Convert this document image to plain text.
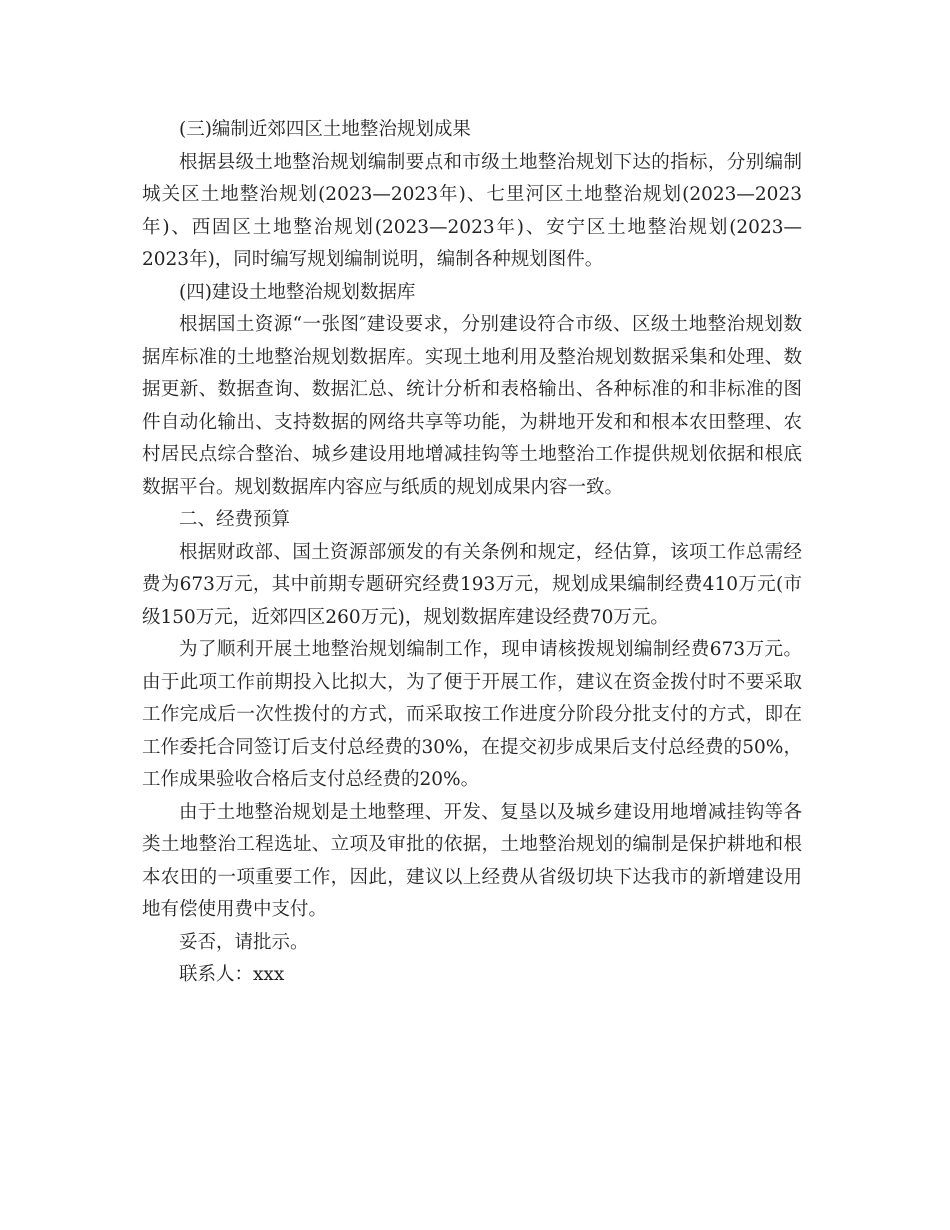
(三)编制近郊四区土地整治规划成果

根据县级土地整治规划编制要点和市级土地整治规划下达的指标，分别编制城关区土地整治规划(2023—2023年)、七里河区土地整治规划(2023—2023年)、西固区土地整治规划(2023—2023年)、安宁区土地整治规划(2023—2023年)，同时编写规划编制说明，编制各种规划图件。

(四)建设土地整治规划数据库

根据国土资源“一张图″建设要求，分别建设符合市级、区级土地整治规划数据库标准的土地整治规划数据库。实现土地利用及整治规划数据采集和处理、数据更新、数据查询、数据汇总、统计分析和表格输出、各种标准的和非标准的图件自动化输出、支持数据的网络共享等功能，为耕地开发和和根本农田整理、农村居民点综合整治、城乡建设用地增减挂钩等土地整治工作提供规划依据和根底数据平台。规划数据库内容应与纸质的规划成果内容一致。

二、经费预算

根据财政部、国土资源部颁发的有关条例和规定，经估算，该项工作总需经费为673万元，其中前期专题研究经费193万元，规划成果编制经费410万元(市级150万元，近郊四区260万元)，规划数据库建设经费70万元。

为了顺利开展土地整治规划编制工作，现申请核拨规划编制经费673万元。由于此项工作前期投入比拟大，为了便于开展工作，建议在资金拨付时不要采取工作完成后一次性拨付的方式，而采取按工作进度分阶段分批支付的方式，即在工作委托合同签订后支付总经费的30%，在提交初步成果后支付总经费的50%，工作成果验收合格后支付总经费的20%。

由于土地整治规划是土地整理、开发、复垦以及城乡建设用地增减挂钩等各类土地整治工程选址、立项及审批的依据，土地整治规划的编制是保护耕地和根本农田的一项重要工作，因此，建议以上经费从省级切块下达我市的新增建设用地有偿使用费中支付。

妥否，请批示。

联系人：xxx
